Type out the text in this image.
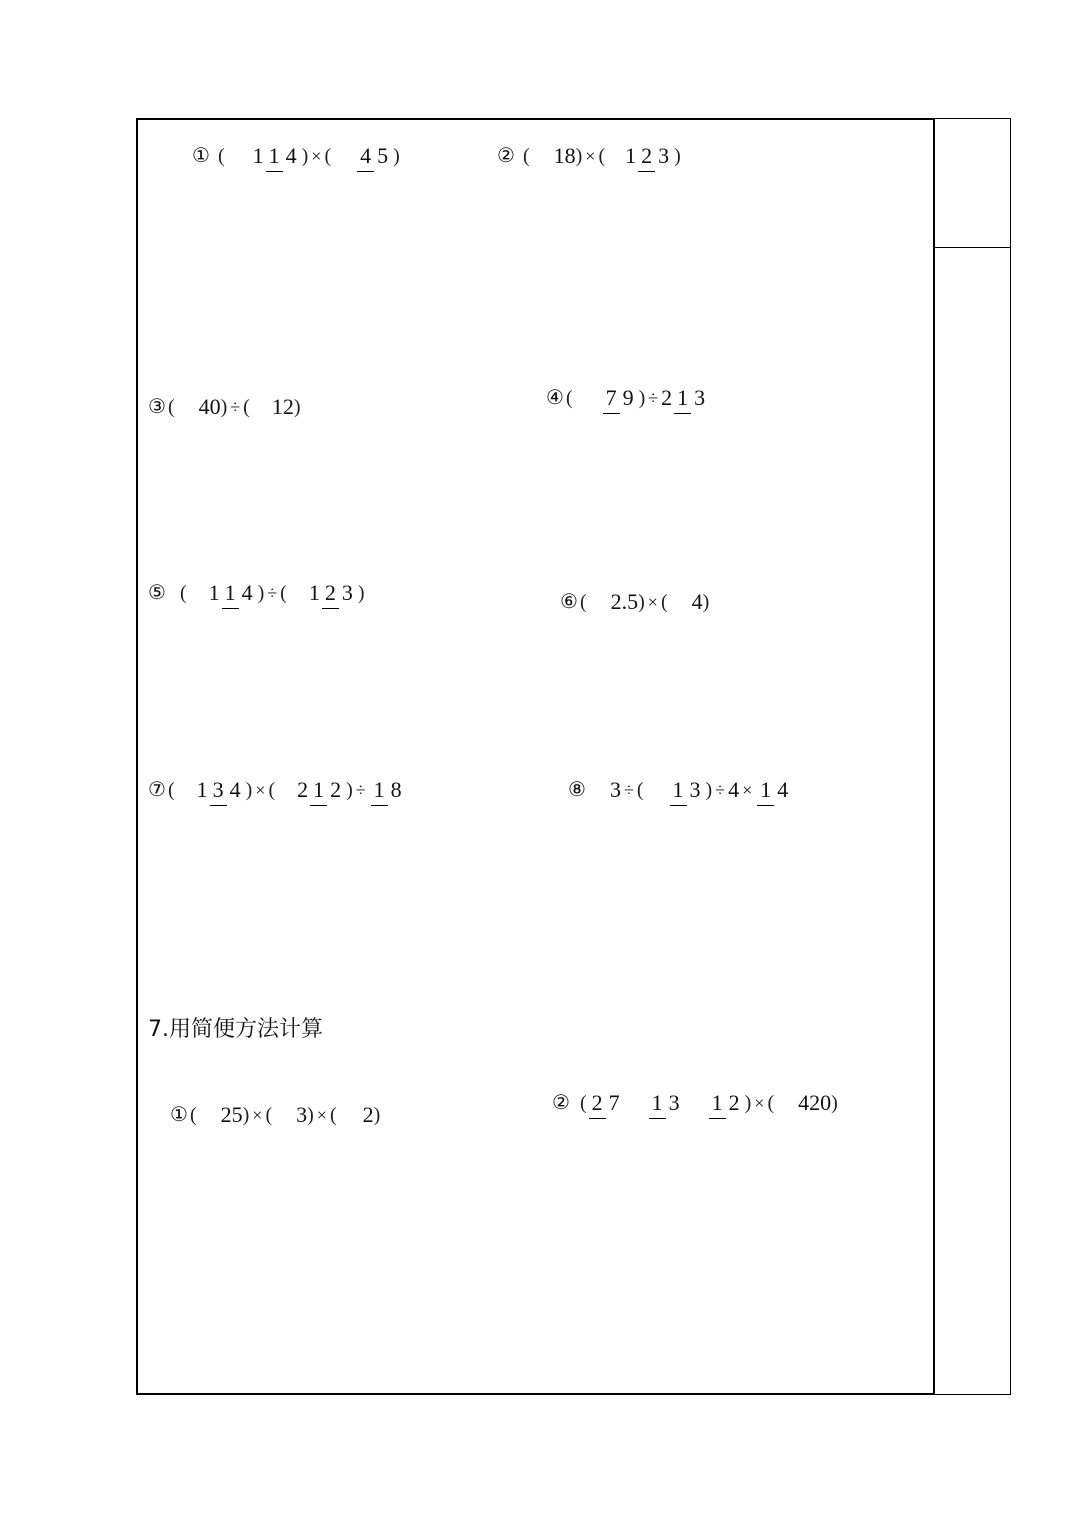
① ( 1 1 4 ) × ( 4 5 )	② ( 18 ) × ( 1 2 3 )
③ ( 40 ) ÷ ( 12 )	④ ( 7 9 ) ÷ 2 1 3
⑤ ( 1 1 4 ) ÷ ( 1 2 3 )	⑥ ( 2.5 ) × ( 4 )
⑦ ( 1 3 4 ) × ( 2 1 2 ) ÷ 1 8	⑧ 3 ÷ ( 1 3 ) ÷ 4 × 1 4
7.用简便方法计算
① ( 25 ) × ( 3 ) × ( 2 )
② ( 2 7 1 3 1 2 ) × ( 420 )
